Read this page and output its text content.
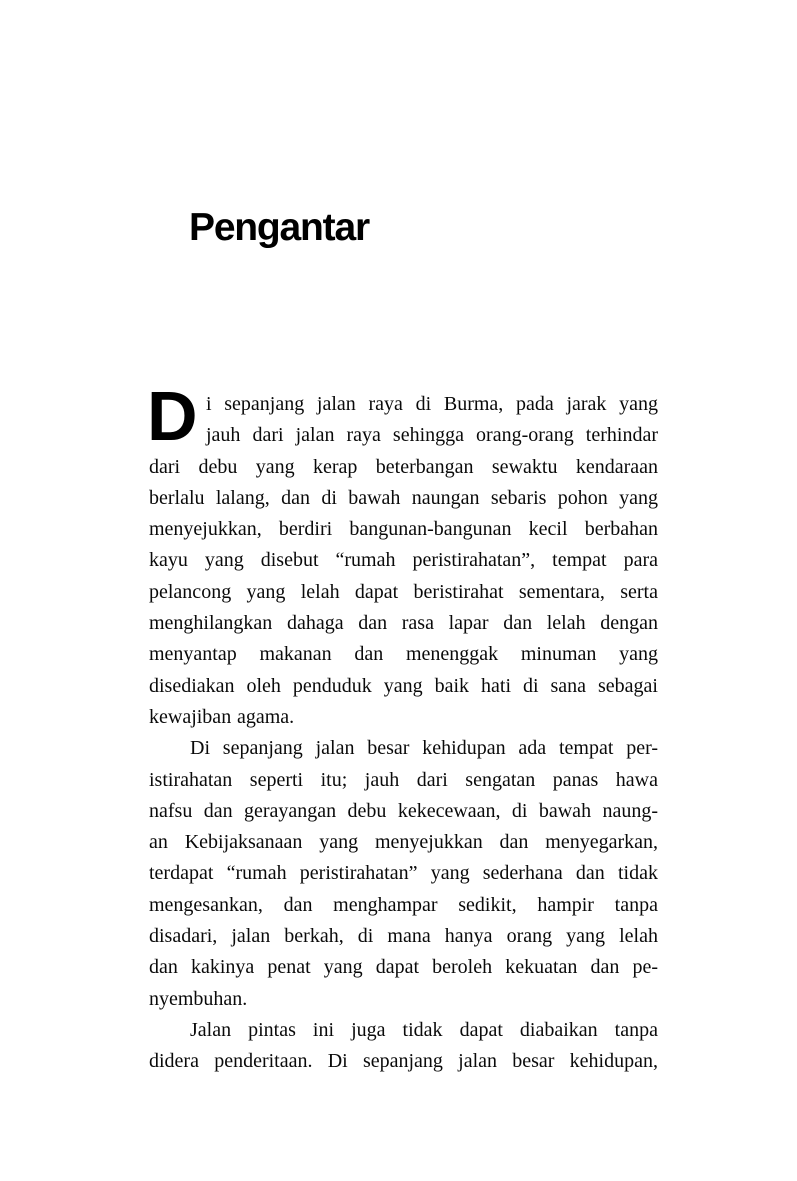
Pengantar
D i sepanjang jalan raya di Burma, pada jarak yang
jauh dari jalan raya sehingga orang-orang terhindar
dari debu yang kerap beterbangan sewaktu kendaraan
berlalu lalang, dan di bawah naungan sebaris pohon yang
menyejukkan, berdiri bangunan-bangunan kecil berbahan
kayu yang disebut “rumah peristirahatan”, tempat para
pelancong yang lelah dapat beristirahat sementara, serta
menghilangkan dahaga dan rasa lapar dan lelah dengan
menyantap makanan dan menenggak minuman yang
disediakan oleh penduduk yang baik hati di sana sebagai
kewajiban agama.
Di sepanjang jalan besar kehidupan ada tempat per-
istirahatan seperti itu; jauh dari sengatan panas hawa
nafsu dan gerayangan debu kekecewaan, di bawah naung-
an Kebijaksanaan yang menyejukkan dan menyegarkan,
terdapat “rumah peristirahatan” yang sederhana dan tidak
mengesankan, dan menghampar sedikit, hampir tanpa
disadari, jalan berkah, di mana hanya orang yang lelah
dan kakinya penat yang dapat beroleh kekuatan dan pe-
nyembuhan.
Jalan pintas ini juga tidak dapat diabaikan tanpa
didera penderitaan. Di sepanjang jalan besar kehidupan,
